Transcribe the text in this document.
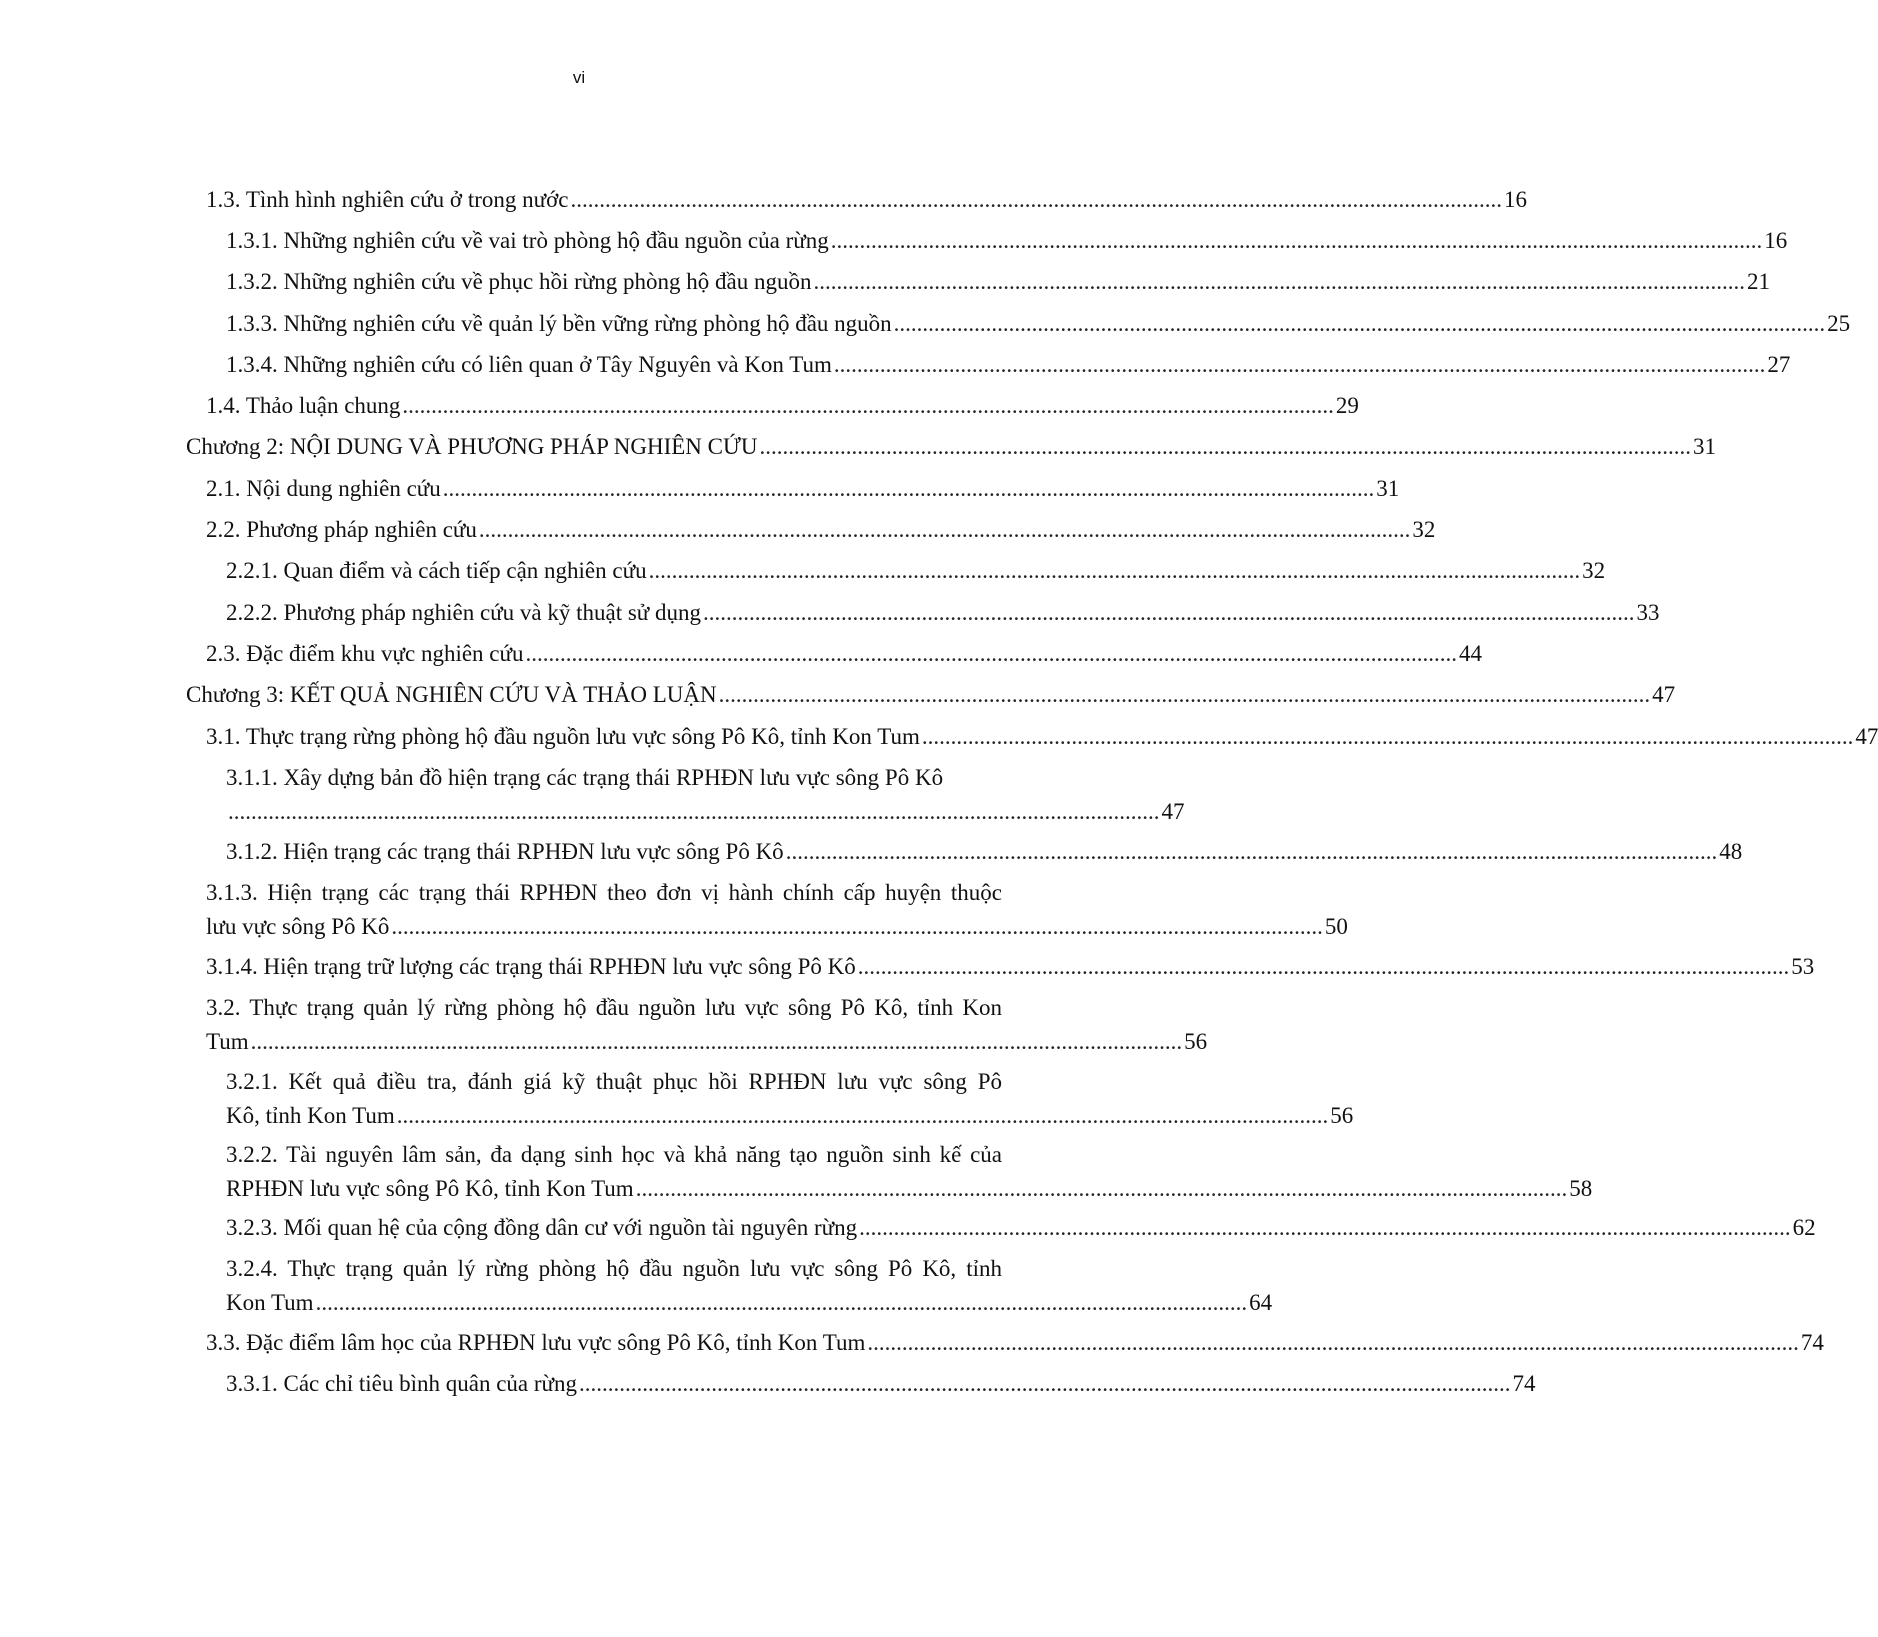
vi
1.3. Tình hình nghiên cứu ở trong nước .................................................................................................................................................................. 16
1.3.1. Những nghiên cứu về vai trò phòng hộ đầu nguồn của rừng .................................................................................................................................................................. 16
1.3.2. Những nghiên cứu về phục hồi rừng phòng hộ đầu nguồn .................................................................................................................................................................. 21
1.3.3. Những nghiên cứu về quản lý bền vững rừng phòng hộ đầu nguồn .................................................................................................................................................................. 25
1.3.4. Những nghiên cứu có liên quan ở Tây Nguyên và Kon Tum .................................................................................................................................................................. 27
1.4. Thảo luận chung .................................................................................................................................................................. 29
Chương 2: NỘI DUNG VÀ PHƯƠNG PHÁP NGHIÊN CỨU .................................................................................................................................................................. 31
2.1. Nội dung nghiên cứu .................................................................................................................................................................. 31
2.2. Phương pháp nghiên cứu .................................................................................................................................................................. 32
2.2.1. Quan điểm và cách tiếp cận nghiên cứu .................................................................................................................................................................. 32
2.2.2. Phương pháp nghiên cứu và kỹ thuật sử dụng .................................................................................................................................................................. 33
2.3. Đặc điểm khu vực nghiên cứu .................................................................................................................................................................. 44
Chương 3: KẾT QUẢ NGHIÊN CỨU VÀ THẢO LUẬN .................................................................................................................................................................. 47
3.1. Thực trạng rừng phòng hộ đầu nguồn lưu vực sông Pô Kô, tỉnh Kon Tum .................................................................................................................................................................. 47
3.1.1. Xây dựng bản đồ hiện trạng các trạng thái RPHĐN lưu vực sông Pô Kô
.................................................................................................................................................................. 47
3.1.2. Hiện trạng các trạng thái RPHĐN lưu vực sông Pô Kô .................................................................................................................................................................. 48
3.1.3. Hiện trạng các trạng thái RPHĐN theo đơn vị hành chính cấp huyện thuộc
lưu vực sông Pô Kô .................................................................................................................................................................. 50
3.1.4. Hiện trạng trữ lượng các trạng thái RPHĐN lưu vực sông Pô Kô .................................................................................................................................................................. 53
3.2. Thực trạng quản lý rừng phòng hộ đầu nguồn lưu vực sông Pô Kô, tỉnh Kon
Tum .................................................................................................................................................................. 56
3.2.1. Kết quả điều tra, đánh giá kỹ thuật phục hồi RPHĐN lưu vực sông Pô
Kô, tỉnh Kon Tum .................................................................................................................................................................. 56
3.2.2. Tài nguyên lâm sản, đa dạng sinh học và khả năng tạo nguồn sinh kế của
RPHĐN lưu vực sông Pô Kô, tỉnh Kon Tum .................................................................................................................................................................. 58
3.2.3. Mối quan hệ của cộng đồng dân cư với nguồn tài nguyên rừng .................................................................................................................................................................. 62
3.2.4. Thực trạng quản lý rừng phòng hộ đầu nguồn lưu vực sông Pô Kô, tỉnh
Kon Tum .................................................................................................................................................................. 64
3.3. Đặc điểm lâm học của RPHĐN lưu vực sông Pô Kô, tỉnh Kon Tum .................................................................................................................................................................. 74
3.3.1. Các chỉ tiêu bình quân của rừng .................................................................................................................................................................. 74
